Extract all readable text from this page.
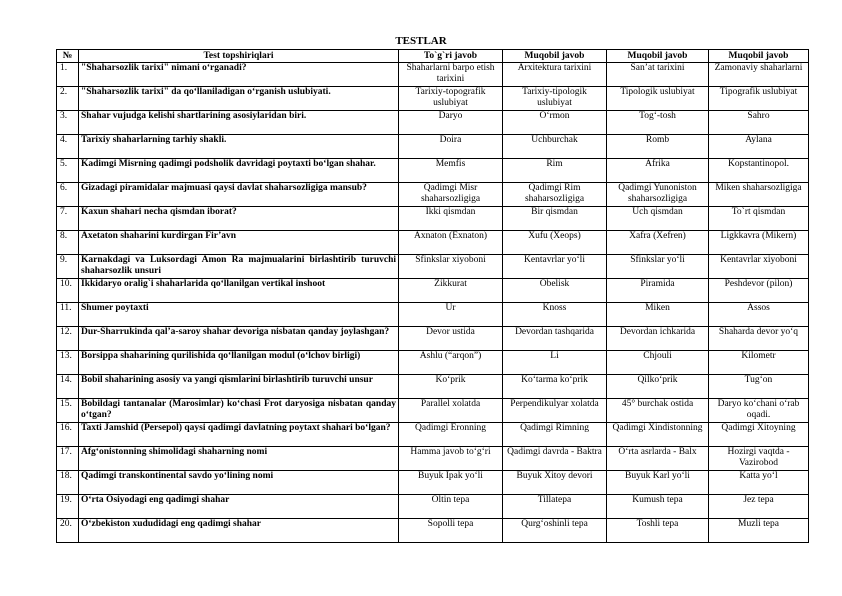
TESTLAR
№	Test topshiriqlari	To`g`ri javob	Muqobil javob	Muqobil javob	Muqobil javob
1.	"Shaharsozlik tarixi" nimani o‘rganadi?	Shaharlarni barpo etish tarixini	Arxitektura tarixini	San’at tarixini	Zamonaviy shaharlarni
2.	"Shaharsozlik tarixi" da qo‘llaniladigan o‘rganish uslubiyati.	Tarixiy-topografik uslubiyat	Tarixiy-tipologik uslubiyat	Tipologik uslubiyat	Tipografik uslubiyat
3.	Shahar vujudga kelishi shartlarining asosiylaridan biri.	Daryo	O‘rmon	Tog‘-tosh	Sahro
4.	Tarixiy shaharlarning tarhiy shakli.	Doira	Uchburchak	Romb	Aylana
5.	Kadimgi Misrning qadimgi podsholik davridagi poytaxti bo‘lgan shahar.	Memfis	Rim	Afrika	Kopstantinopol.
6.	Gizadagi piramidalar majmuasi qaysi davlat shaharsozligiga mansub?	Qadimgi Misr shaharsozligiga	Qadimgi Rim shaharsozligiga	Qadimgi Yunoniston shaharsozligiga	Miken shaharsozligiga
7.	Kaxun shahari necha qismdan iborat?	Ikki qismdan	Bir qismdan	Uch qismdan	To`rt qismdan
8.	Axetaton shaharini kurdirgan Fir’avn	Axnaton (Exnaton)	Xufu (Xeops)	Xafra (Xefren)	Ligkkavra (Mikern)
9.	Karnakdagi va Luksordagi Amon Ra majmualarini birlashtirib turuvchi shaharsozlik unsuri	Sfinkslar xiyoboni	Kentavrlar yo‘li	Sfinkslar yo‘li	Kentavrlar xiyoboni
10.	Ikkidaryo oralig`i shaharlarida qo‘llanilgan vertikal inshoot	Zikkurat	Obelisk	Piramida	Peshdevor (pilon)
11.	Shumer poytaxti	Ur	Knoss	Miken	Assos
12.	Dur-Sharrukinda qal’a-saroy shahar devoriga nisbatan qanday joylashgan?	Devor ustida	Devordan tashqarida	Devordan ichkarida	Shaharda devor yo‘q
13.	Borsippa shaharining qurilishida qo‘llanilgan modul (o‘lchov birligi)	Ashlu (“arqon”)	Li	Chjouli	Kilometr
14.	Bobil shaharining asosiy va yangi qismlarini birlashtirib turuvchi unsur	Ko‘prik	Ko‘tarma ko‘prik	Qilko‘prik	Tug‘on
15.	Bobildagi tantanalar (Marosimlar) ko‘chasi Frot daryosiga nisbatan qanday o‘tgan?	Parallel xolatda	Perpendikulyar xolatda	45° burchak ostida	Daryo ko‘chani o‘rab oqadi.
16.	Taxti Jamshid (Persepol) qaysi qadimgi davlatning poytaxt shahari bo‘lgan?	Qadimgi Eronning	Qadimgi Rimning	Qadimgi Xindistonning	Qadimgi Xitoyning
17.	Afg‘onistonning shimolidagi shaharning nomi	Hamma javob to‘g‘ri	Qadimgi davrda - Baktra	O‘rta asrlarda - Balx	Hozirgi vaqtda - Vazirobod
18.	Qadimgi transkontinental savdo yo‘lining nomi	Buyuk Ipak yo‘li	Buyuk Xitoy devori	Buyuk Karl yo‘li	Katta yo‘l
19.	O‘rta Osiyodagi eng qadimgi shahar	Oltin tepa	Tillatepa	Kumush tepa	Jez tepa
20.	O‘zbekiston xududidagi eng qadimgi shahar	Sopolli tepa	Qurg‘oshinli tepa	Toshli tepa	Muzli tepa
